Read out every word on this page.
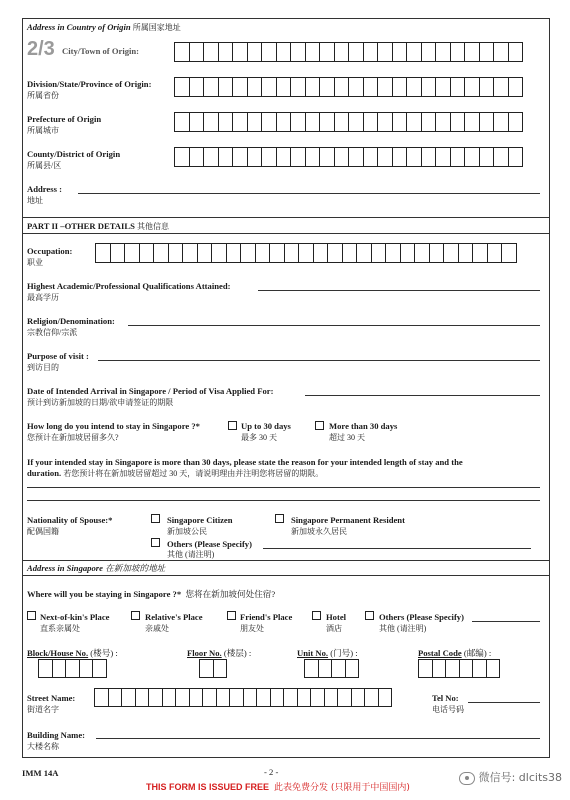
Address in Country of Origin 所属国家地址
2/3 City/Town of Origin:
Division/State/Province of Origin:
所属省份
Prefecture of Origin
所属城市
County/District of Origin
所属县/区
Address :
地址
PART II –OTHER DETAILS 其他信息
Occupation:
职业
Highest Academic/Professional Qualifications Attained:
最高学历
Religion/Denomination:
宗教信仰/宗派
Purpose of visit :
到访目的
Date of Intended Arrival in Singapore / Period of Visa Applied For:
预计到访新加坡的日期/欲申请签证的期限
How long do you intend to stay in Singapore ?*
您预计在新加坡居留多久?
Up to 30 days
最多 30 天
More than 30 days
超过 30 天
If your intended stay in Singapore is more than 30 days, please state the reason for your intended length of stay and the
duration. 若您预计将在新加坡居留超过 30 天，请说明理由并注明您将居留的期限。
Nationality of Spouse:*
配偶国籍
Singapore Citizen
新加坡公民
Singapore Permanent Resident
新加坡永久居民
Others (Please Specify)
其他 (请注明)
Address in Singapore 在新加坡的地址
Where will you be staying in Singapore ?* 您将在新加坡何处住宿?
Next-of-kin's Place
直系亲属处
Relative's Place
亲戚处
Friend's Place
朋友处
Hotel
酒店
Others (Please Specify)
其他 (请注明)
Block/House No. (楼号) :	Floor No. (楼层) :	Unit No. (门号) :	Postal Code (邮编) :
Street Name:
街道名字
Tel No:
电话号码
Building Name:
大楼名称
IMM 14A	- 2 -
THIS FORM IS ISSUED FREE 此表免费分发 (只限用于中国国内)
微信号: dlcits38
